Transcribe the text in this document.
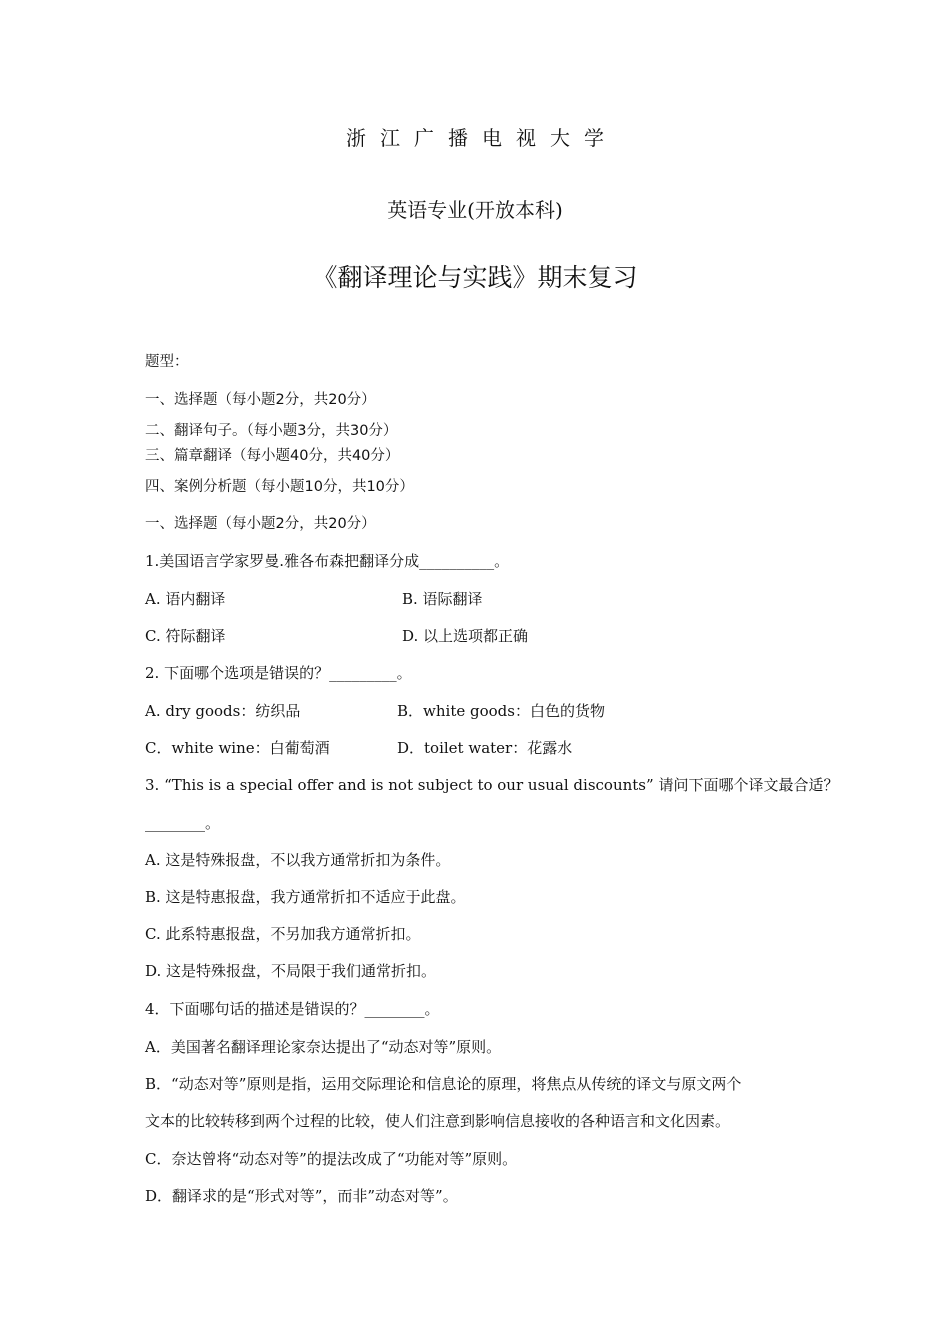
浙江广播电视大学
英语专业(开放本科)
《翻译理论与实践》期末复习
题型：
一、选择题（每小题2分，共20分）
二、翻译句子。（每小题3分，共30分）
三、篇章翻译（每小题40分，共40分）
四、案例分析题（每小题10分，共10分）
一、选择题（每小题2分，共20分）
1.美国语言学家罗曼.雅各布森把翻译分成__________。
A. 语内翻译	B. 语际翻译
C. 符际翻译	D. 以上选项都正确
2. 下面哪个选项是错误的？_________。
A. dry goods：纺织品	B．white goods：白色的货物
C．white wine：白葡萄酒	D．toilet water：花露水
3. “This is a special offer and is not subject to our usual discounts” 请问下面哪个译文最合适？
________。
A. 这是特殊报盘，不以我方通常折扣为条件。
B. 这是特惠报盘，我方通常折扣不适应于此盘。
C. 此系特惠报盘，不另加我方通常折扣。
D. 这是特殊报盘，不局限于我们通常折扣。
4．下面哪句话的描述是错误的？________。
A．美国著名翻译理论家奈达提出了“动态对等”原则。
B．“动态对等”原则是指，运用交际理论和信息论的原理，将焦点从传统的译文与原文两个
文本的比较转移到两个过程的比较，使人们注意到影响信息接收的各种语言和文化因素。
C．奈达曾将“动态对等”的提法改成了“功能对等”原则。
D．翻译求的是“形式对等”，而非”动态对等”。
